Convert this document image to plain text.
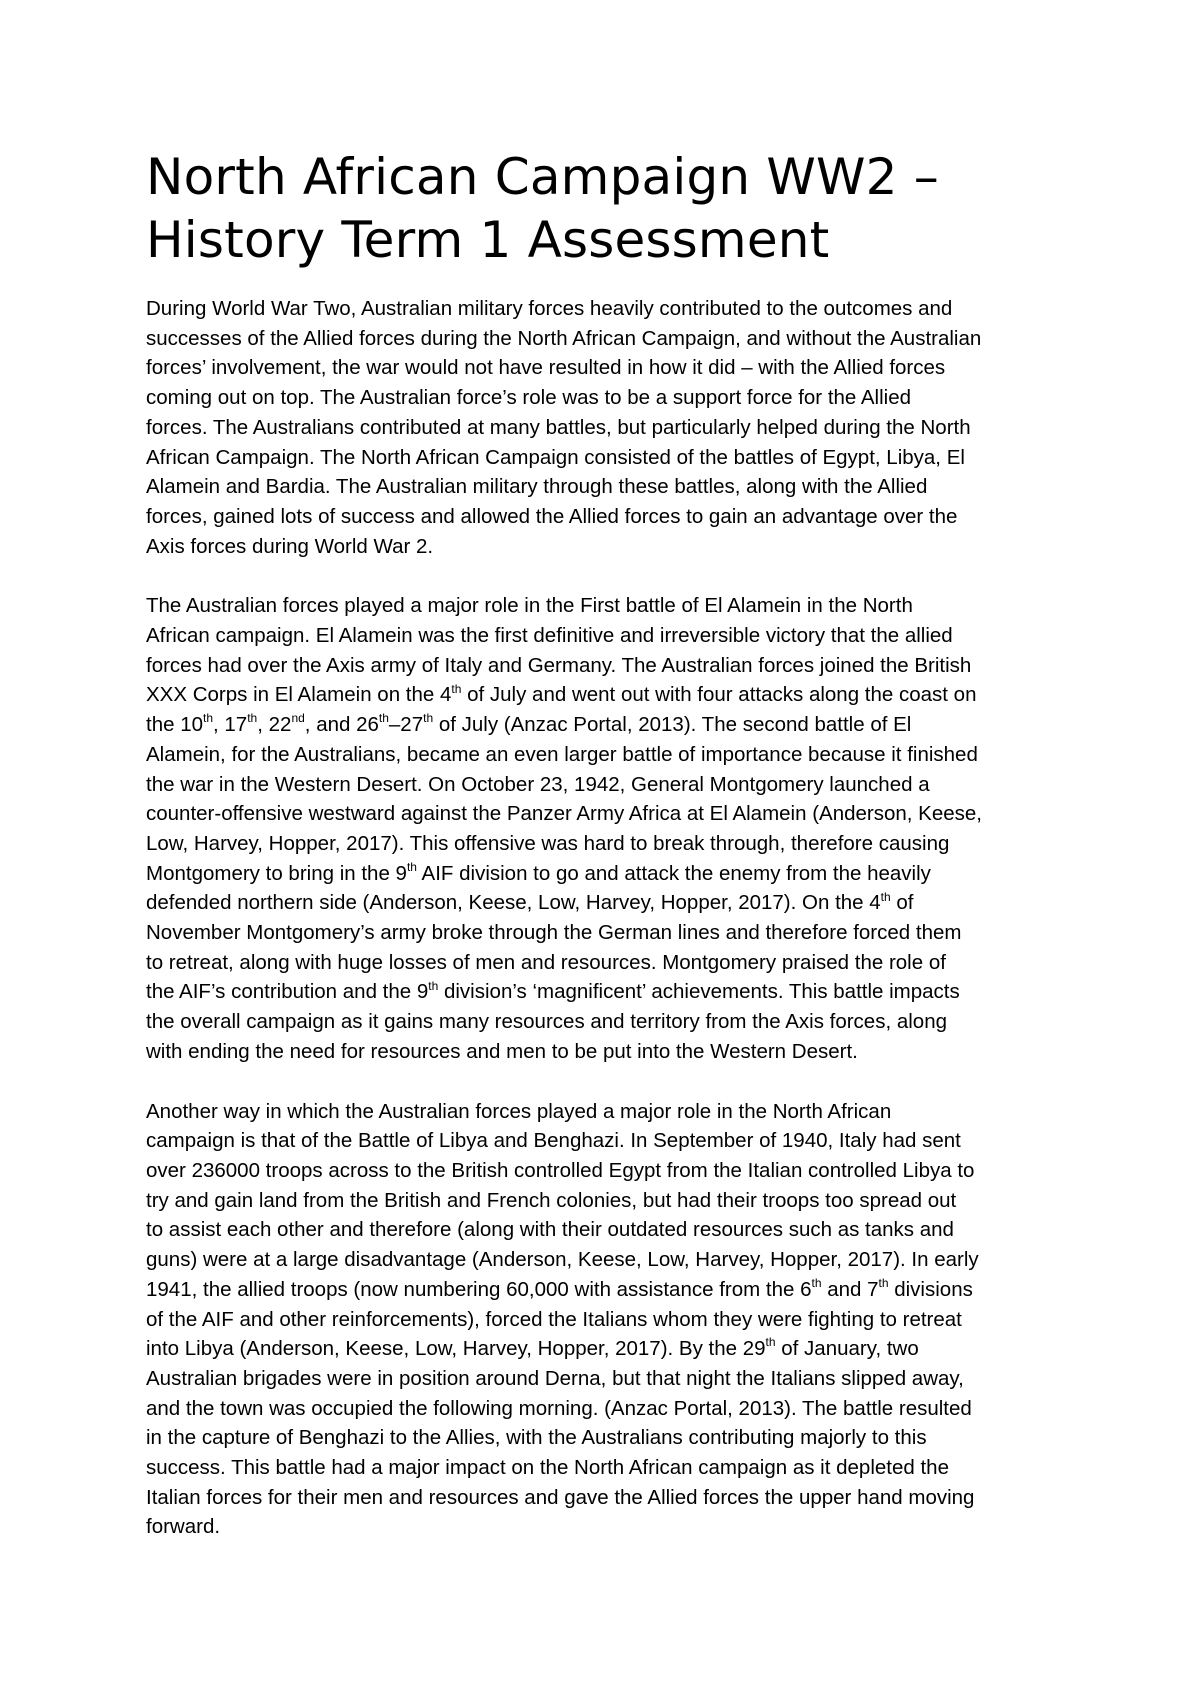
North African Campaign WW2 –
History Term 1 Assessment

During World War Two, Australian military forces heavily contributed to the outcomes and
successes of the Allied forces during the North African Campaign, and without the Australian
forces’ involvement, the war would not have resulted in how it did – with the Allied forces
coming out on top. The Australian force’s role was to be a support force for the Allied
forces. The Australians contributed at many battles, but particularly helped during the North
African Campaign. The North African Campaign consisted of the battles of Egypt, Libya, El
Alamein and Bardia. The Australian military through these battles, along with the Allied
forces, gained lots of success and allowed the Allied forces to gain an advantage over the
Axis forces during World War 2.

The Australian forces played a major role in the First battle of El Alamein in the North
African campaign. El Alamein was the first definitive and irreversible victory that the allied
forces had over the Axis army of Italy and Germany. The Australian forces joined the British
XXX Corps in El Alamein on the 4th of July and went out with four attacks along the coast on
the 10th, 17th, 22nd, and 26th–27th of July (Anzac Portal, 2013). The second battle of El
Alamein, for the Australians, became an even larger battle of importance because it finished
the war in the Western Desert. On October 23, 1942, General Montgomery launched a
counter-offensive westward against the Panzer Army Africa at El Alamein (Anderson, Keese,
Low, Harvey, Hopper, 2017). This offensive was hard to break through, therefore causing
Montgomery to bring in the 9th AIF division to go and attack the enemy from the heavily
defended northern side (Anderson, Keese, Low, Harvey, Hopper, 2017). On the 4th of
November Montgomery’s army broke through the German lines and therefore forced them
to retreat, along with huge losses of men and resources. Montgomery praised the role of
the AIF’s contribution and the 9th division’s ‘magnificent’ achievements. This battle impacts
the overall campaign as it gains many resources and territory from the Axis forces, along
with ending the need for resources and men to be put into the Western Desert.

Another way in which the Australian forces played a major role in the North African
campaign is that of the Battle of Libya and Benghazi. In September of 1940, Italy had sent
over 236000 troops across to the British controlled Egypt from the Italian controlled Libya to
try and gain land from the British and French colonies, but had their troops too spread out
to assist each other and therefore (along with their outdated resources such as tanks and
guns) were at a large disadvantage (Anderson, Keese, Low, Harvey, Hopper, 2017). In early
1941, the allied troops (now numbering 60,000 with assistance from the 6th and 7th divisions
of the AIF and other reinforcements), forced the Italians whom they were fighting to retreat
into Libya (Anderson, Keese, Low, Harvey, Hopper, 2017). By the 29th of January, two
Australian brigades were in position around Derna, but that night the Italians slipped away,
and the town was occupied the following morning. (Anzac Portal, 2013). The battle resulted
in the capture of Benghazi to the Allies, with the Australians contributing majorly to this
success. This battle had a major impact on the North African campaign as it depleted the
Italian forces for their men and resources and gave the Allied forces the upper hand moving
forward.
